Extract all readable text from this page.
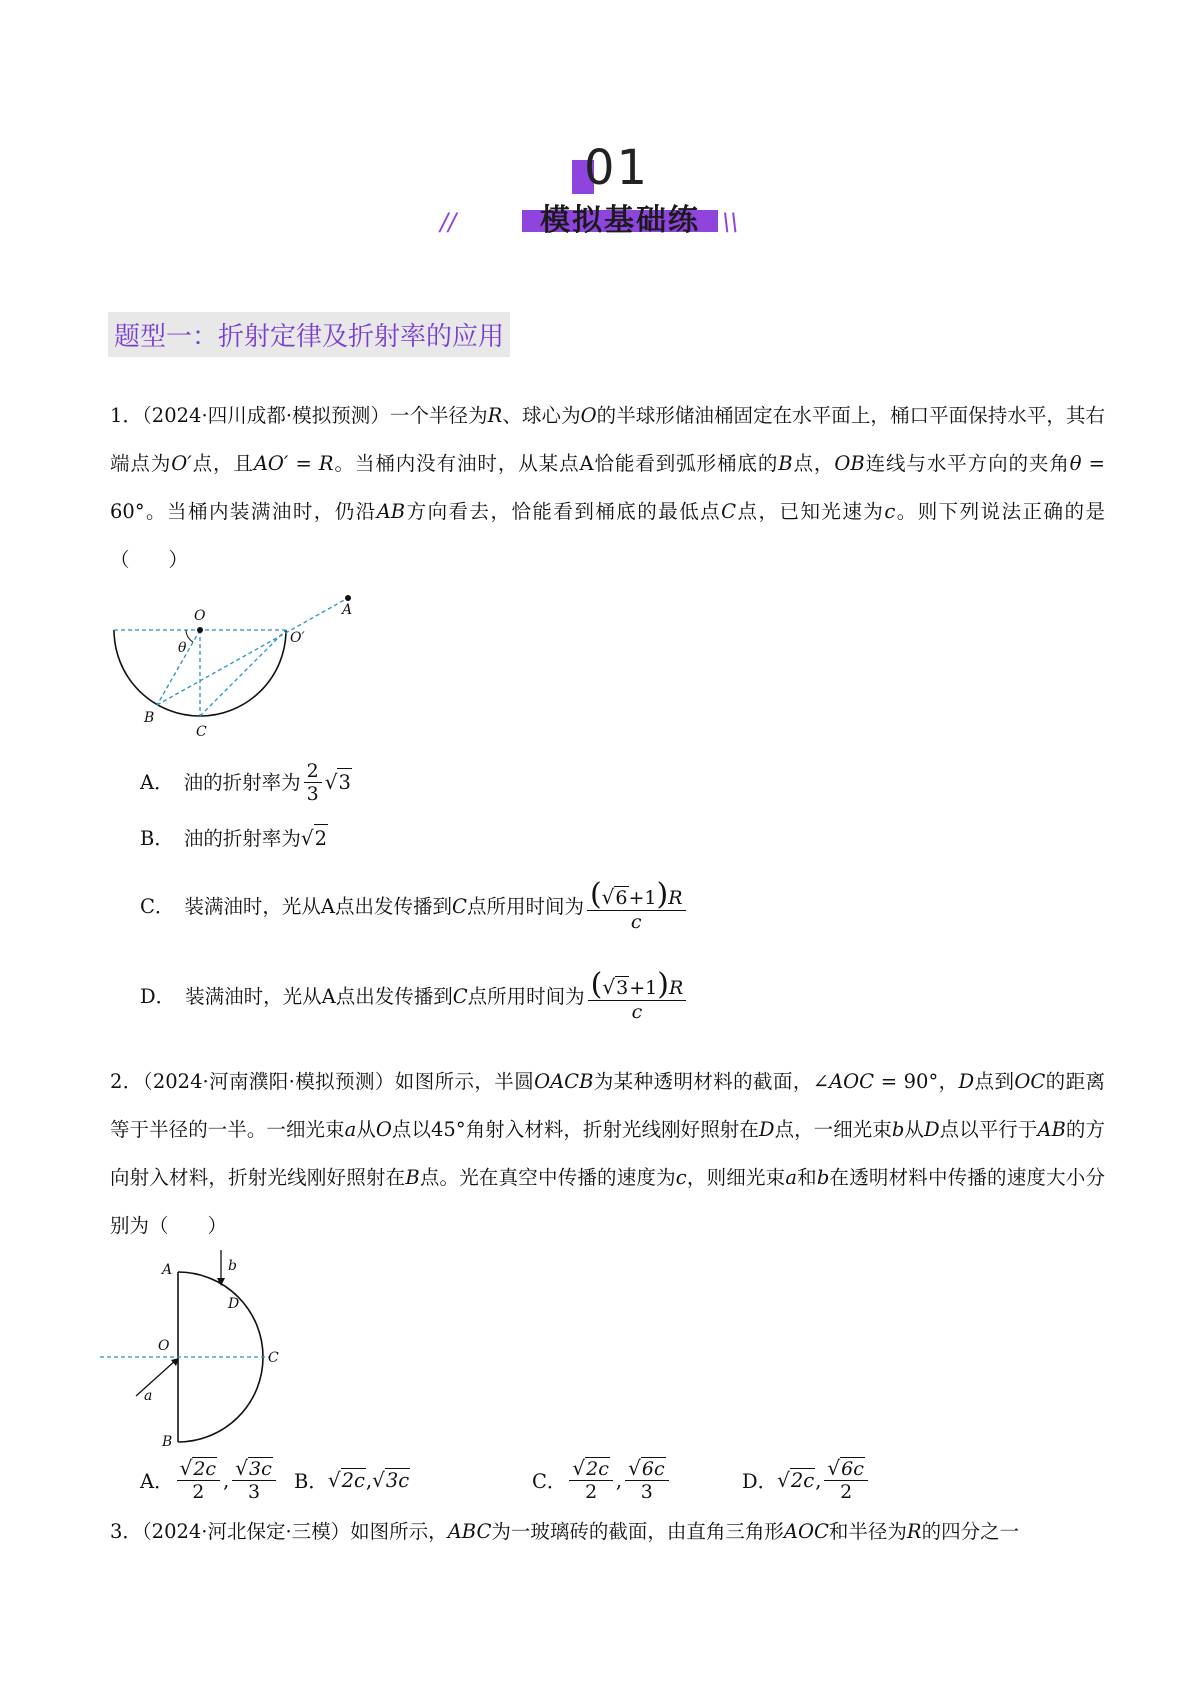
01
//	模拟基础练 \\
题型一：折射定律及折射率的应用
1．（2024·四川成都·模拟预测）一个半径为R、球心为O的半球形储油桶固定在水平面上，桶口平面保持水平，其右端点为O′点，且AO′ = R。当桶内没有油时，从某点A恰能看到弧形桶底的B点，OB连线与水平方向的夹角θ = 60°。当桶内装满油时，仍沿AB方向看去，恰能看到桶底的最低点C点，已知光速为c。则下列说法正确的是（　　）
O
O′
A
B
C
θ
A． 油的折射率为 $\frac{2}{3}$ √ 3
B． 油的折射率为 √ 2
C． 装满油时，光从A点出发传播到 C 点所用时间为 $\frac{( √ 6 +1)R}{c}$
D． 装满油时，光从A点出发传播到 C 点所用时间为 $\frac{( √ 3 +1)R}{c}$
2．（2024·河南濮阳·模拟预测）如图所示，半圆OACB为某种透明材料的截面，∠AOC = 90°，D点到OC的距离等于半径的一半。一细光束a从O点以45°角射入材料，折射光线刚好照射在D点，一细光束b从D点以平行于AB的方向射入材料，折射光线刚好照射在B点。光在真空中传播的速度为c，则细光束a和b在透明材料中传播的速度大小分别为（　　）
A
B
O
C
D
b
a
A． $\frac{√ 2c}{2}$ , $\frac{√ 3c}{3}$ B． √ 2c , √ 3c	C． $\frac{√ 2c}{2}$ , $\frac{√ 6c}{3}$	D． √ 2c , $\frac{√ 6c}{2}$
3．（2024·河北保定·三模）如图所示，ABC为一玻璃砖的截面，由直角三角形AOC和半径为R的四分之一
